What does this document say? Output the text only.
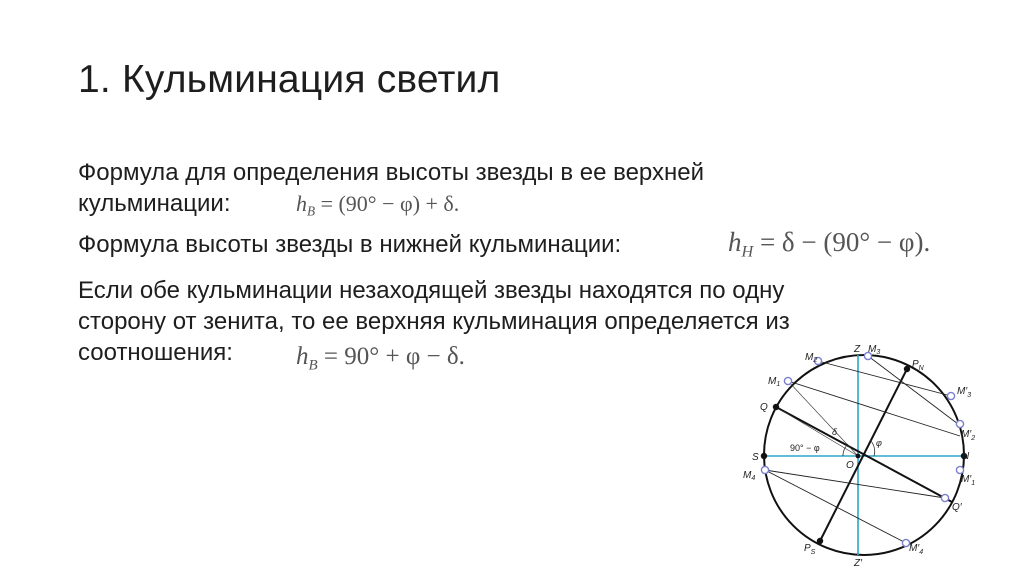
1. Кульминация светил
Формула для определения высоты звезды в ее верхней
кульминации:	$h_B = (90^\circ - \varphi) + \delta$.
Формула высоты звезды в нижней кульминации:	$h_H = \delta - (90^\circ - \varphi)$.
Если обе кульминации незаходящей звезды находятся по одну
сторону от зенита, то ее верхняя кульминация определяется из
соотношения:	$h_B = 90^\circ + \varphi - \delta$.	Z $M_3$
$M_2$
$M_1$
$P_N$
$M'_3$
Q
$M'_2$
S	N
O
$M_4$	$M'_1$
Q′
$P_S$
Z′
$M'_4$
90° − φ
δ
φ
